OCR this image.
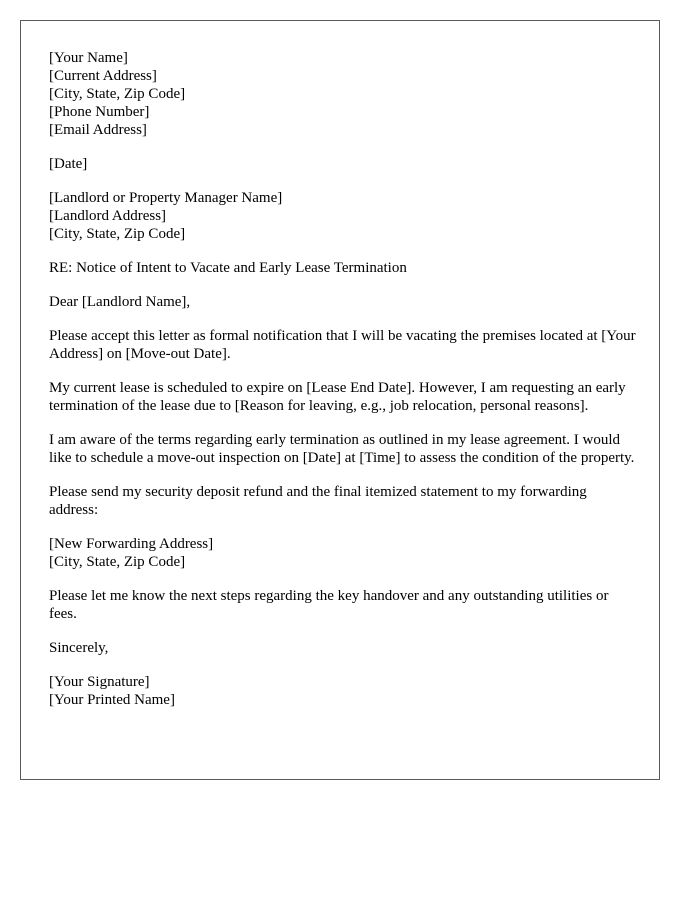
[Your Name]
[Current Address]
[City, State, Zip Code]
[Phone Number]
[Email Address]
[Date]
[Landlord or Property Manager Name]
[Landlord Address]
[City, State, Zip Code]

RE: Notice of Intent to Vacate and Early Lease Termination

Dear [Landlord Name],

Please accept this letter as formal notification that I will be vacating the premises located at [Your Address] on [Move-out Date].

My current lease is scheduled to expire on [Lease End Date]. However, I am requesting an early termination of the lease due to [Reason for leaving, e.g., job relocation, personal reasons].

I am aware of the terms regarding early termination as outlined in my lease agreement. I would like to schedule a move-out inspection on [Date] at [Time] to assess the condition of the property.

Please send my security deposit refund and the final itemized statement to my forwarding address:

[New Forwarding Address]
[City, State, Zip Code]

Please let me know the next steps regarding the key handover and any outstanding utilities or fees.

Sincerely,

[Your Signature]
[Your Printed Name]
